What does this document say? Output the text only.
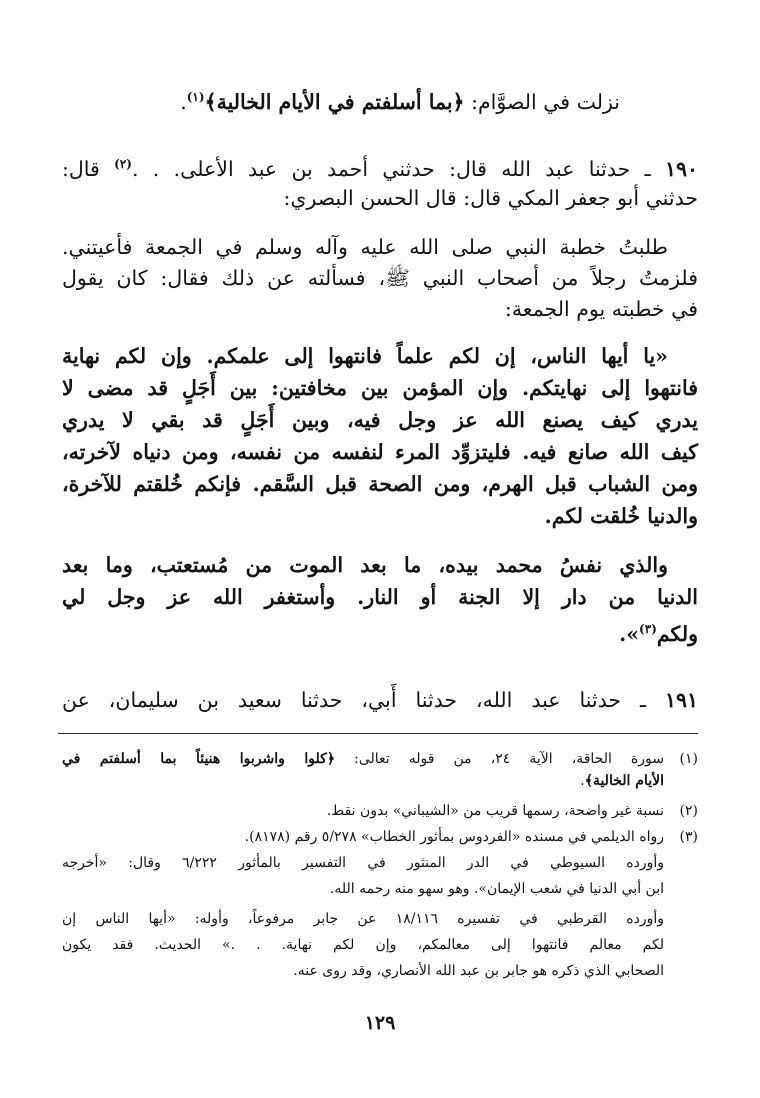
نزلت في الصوَّام: ﴿بما أسلفتم في الأيام الخالية﴾$^{(١)}$.
١٩٠ ـ حدثنا عبد الله قال: حدثني أحمد بن عبد الأعلى. . .$^{(٢)}$ قال:
حدثني أبو جعفر المكي قال: قال الحسن البصري:
طلبتُ خطبة النبي صلى الله عليه وآله وسلم في الجمعة فأعيتني.
فلزمتُ رجلاً من أصحاب النبي ﷺ، فسألته عن ذلك فقال: كان يقول
في خطبته يوم الجمعة:
«يا أيها الناس، إن لكم علماً فانتهوا إلى علمكم. وإن لكم نهاية
فانتهوا إلى نهايتكم. وإن المؤمن بين مخافتين: بين أَجَلٍ قد مضى لا
يدري كيف يصنع الله عز وجل فيه، وبين أَجَلٍ قد بقي لا يدري
كيف الله صانع فيه. فليتزوِّد المرء لنفسه من نفسه، ومن دنياه لآخرته،
ومن الشباب قبل الهرم، ومن الصحة قبل السَّقم. فإنكم خُلقتم للآخرة،
والدنيا خُلقت لكم.
والذي نفسُ محمد بيده، ما بعد الموت من مُستعتب، وما بعد
الدنيا من دار إلا الجنة أو النار. وأستغفر الله عز وجل لي
ولكم$^{(٣)}$».
١٩١ ـ حدثنا عبد الله، حدثنا أَبي، حدثنا سعيد بن سليمان، عن
(١)سورة الحاقة، الآية ٢٤، من قوله تعالى: ﴿كلوا واشربوا هنيئاً بما أسلفتم في
الأيام الخالية﴾.
(٢)نسبة غير واضحة، رسمها قريب من «الشيباني» بدون نقط.
(٣)رواه الديلمي في مسنده «الفردوس بمأثور الخطاب» ٥/٢٧٨ رقم (٨١٧٨).
وأورده السيوطي في الدر المنثور في التفسير بالمأثور ٦/٢٢٢ وقال: «أخرجه
ابن أبي الدنيا في شعب الإيمان». وهو سهو منه رحمه الله.
وأورده القرطبي في تفسيره ١٨/١١٦ عن جابر مرفوعاً، وأوله: «أيها الناس إن
لكم معالم فانتهوا إلى معالمكم، وإن لكم نهاية. . .» الحديث. فقد يكون
الصحابي الذي ذكره هو جابر بن عبد الله الأنصاري، وقد روى عنه.
١٢٩
